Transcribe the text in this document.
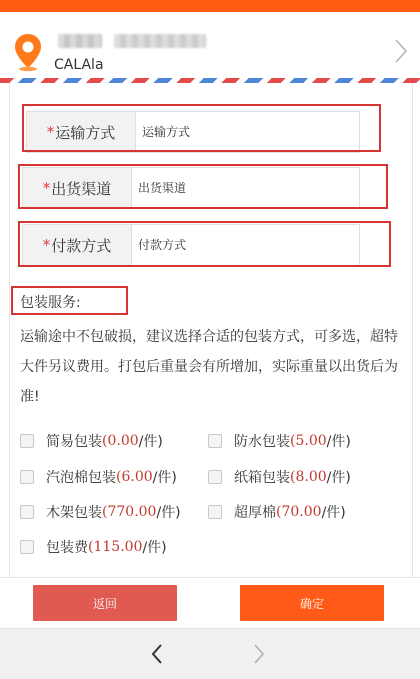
CALAla
* 运输方式
运输方式
* 出货渠道
出货渠道
* 付款方式
付款方式
包装服务:
运输途中不包破损，建议选择合适的包装方式，可多选，超特大件另议费用。打包后重量会有所增加，实际重量以出货后为准!
简易包装 (0.00 /件)	防水包装 (5.00 /件)
汽泡棉包装 (6.00 /件)	纸箱包装 (8.00 /件)
木架包装 (770.00 /件)	超厚棉 (70.00 /件)
包装费 (115.00 /件)
返回	确定
